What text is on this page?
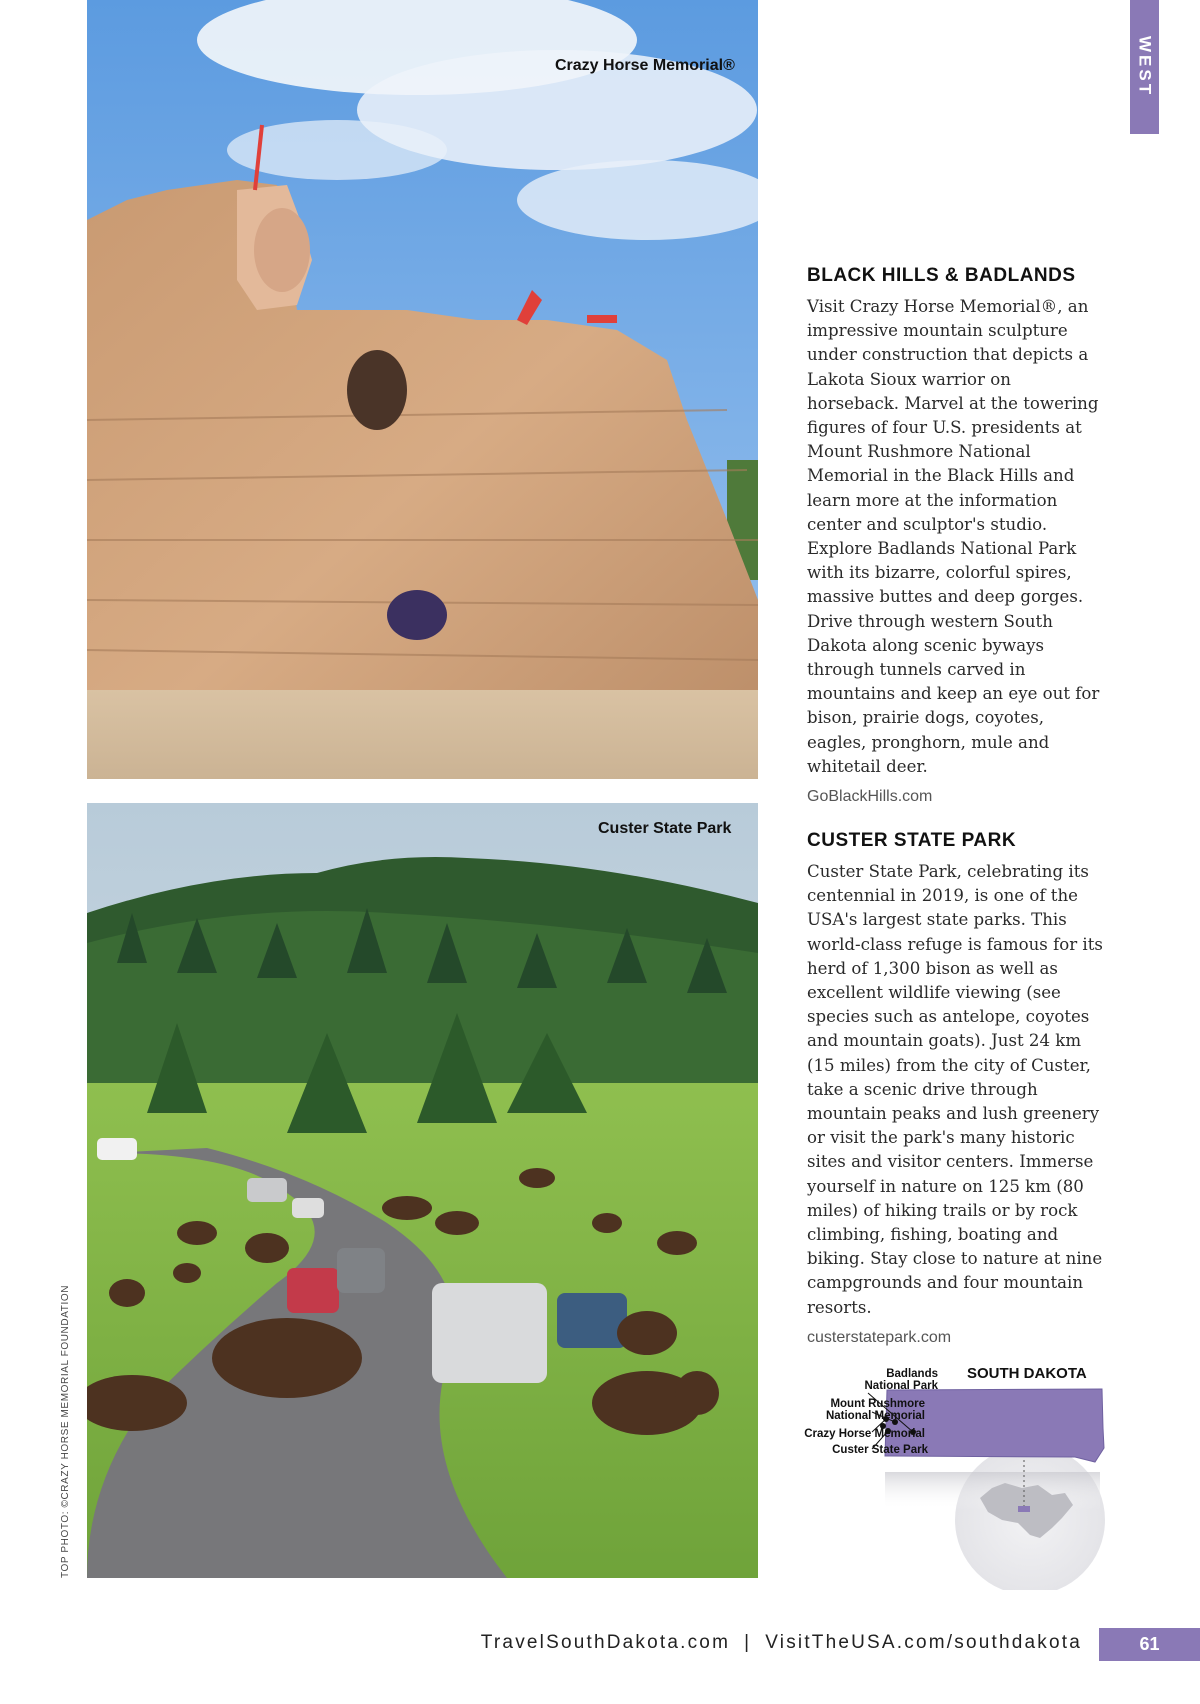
WEST
Crazy Horse Memorial®
Custer State Park
BLACK HILLS & BADLANDS

Visit Crazy Horse Memorial®, an impressive mountain sculpture under construction that depicts a Lakota Sioux warrior on horseback. Marvel at the towering figures of four U.S. presidents at Mount Rushmore National Memorial in the Black Hills and learn more at the information center and sculptor's studio. Explore Badlands National Park with its bizarre, colorful spires, massive buttes and deep gorges. Drive through western South Dakota along scenic byways through tunnels carved in mountains and keep an eye out for bison, prairie dogs, coyotes, eagles, pronghorn, mule and whitetail deer.

GoBlackHills.com
CUSTER STATE PARK

Custer State Park, celebrating its centennial in 2019, is one of the USA's largest state parks. This world-class refuge is famous for its herd of 1,300 bison as well as excellent wildlife viewing (see species such as antelope, coyotes and mountain goats). Just 24 km (15 miles) from the city of Custer, take a scenic drive through mountain peaks and lush greenery or visit the park's many historic sites and visitor centers. Immerse yourself in nature on 125 km (80 miles) of hiking trails or by rock climbing, fishing, boating and biking. Stay close to nature at nine campgrounds and four mountain resorts.

custerstatepark.com
SOUTH DAKOTA
Badlands
National Park
Mount Rushmore
National Memorial
Crazy Horse Memorial
Custer State Park
TOP PHOTO: ©CRAZY HORSE MEMORIAL FOUNDATION
TravelSouthDakota.com | VisitTheUSA.com/southdakota	61
